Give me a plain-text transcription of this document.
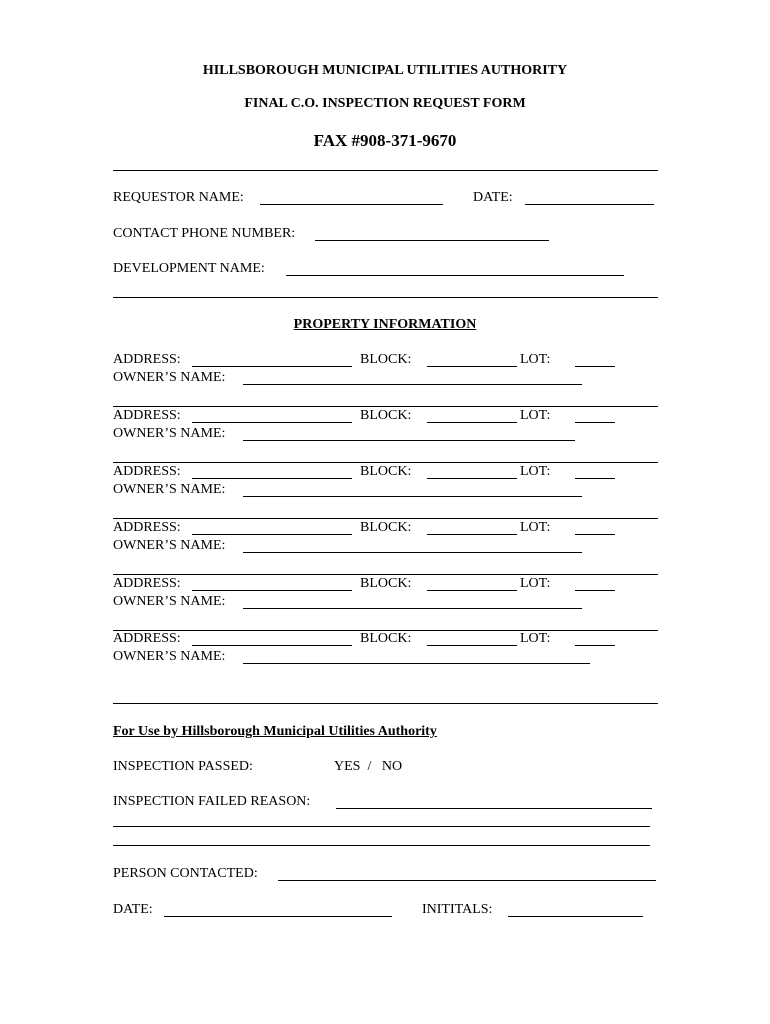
HILLSBOROUGH MUNICIPAL UTILITIES AUTHORITY
FINAL C.O. INSPECTION REQUEST FORM
FAX #908-371-9670
REQUESTOR NAME:	DATE:
CONTACT PHONE NUMBER:
DEVELOPMENT NAME:
PROPERTY INFORMATION
ADDRESS:	BLOCK:	LOT:
OWNER’S NAME:
ADDRESS:	BLOCK:	LOT:
OWNER’S NAME:
ADDRESS:	BLOCK:	LOT:
OWNER’S NAME:
ADDRESS:	BLOCK:	LOT:
OWNER’S NAME:
ADDRESS:	BLOCK:	LOT:
OWNER’S NAME:
ADDRESS:	BLOCK:	LOT:
OWNER’S NAME:
For Use by Hillsborough Municipal Utilities Authority
INSPECTION PASSED:	YES  /   NO
INSPECTION FAILED REASON:
PERSON CONTACTED:
DATE:	INITITALS:
